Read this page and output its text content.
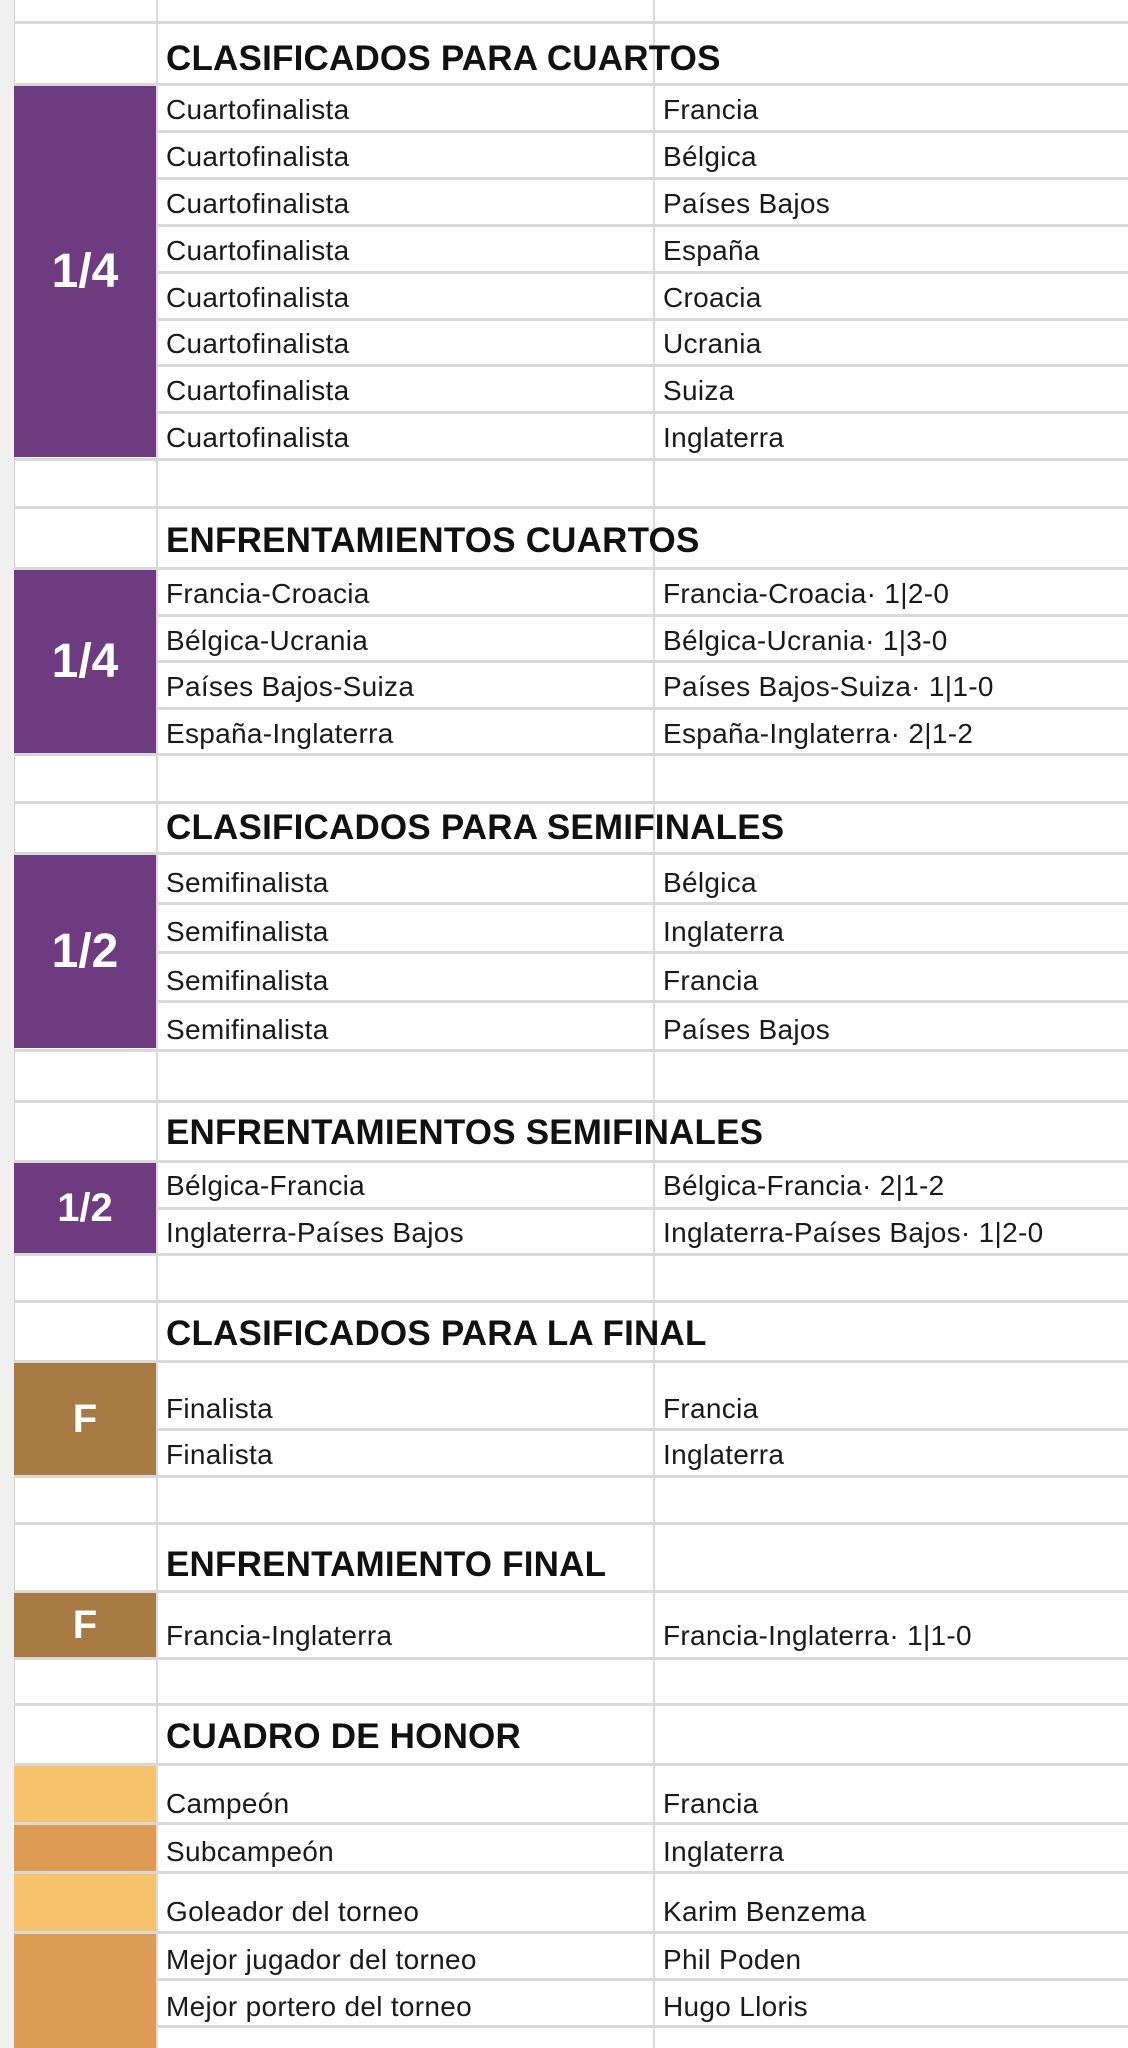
CLASIFICADOS PARA CUARTOS
1/4
Cuartofinalista	Francia
Cuartofinalista	Bélgica
Cuartofinalista	Países Bajos
Cuartofinalista	España
Cuartofinalista	Croacia
Cuartofinalista	Ucrania
Cuartofinalista	Suiza
Cuartofinalista	Inglaterra
ENFRENTAMIENTOS CUARTOS
1/4
Francia-Croacia	Francia-Croacia· 1|2-0
Bélgica-Ucrania	Bélgica-Ucrania· 1|3-0
Países Bajos-Suiza	Países Bajos-Suiza· 1|1-0
España-Inglaterra	España-Inglaterra· 2|1-2
CLASIFICADOS PARA SEMIFINALES
1/2
Semifinalista	Bélgica
Semifinalista	Inglaterra
Semifinalista	Francia
Semifinalista	Países Bajos
ENFRENTAMIENTOS SEMIFINALES
1/2	Bélgica-Francia	Bélgica-Francia· 2|1-2
Inglaterra-Países Bajos	Inglaterra-Países Bajos· 1|2-0
CLASIFICADOS PARA LA FINAL
F	Finalista	Francia
Finalista	Inglaterra
ENFRENTAMIENTO FINAL
F	Francia-Inglaterra	Francia-Inglaterra· 1|1-0
CUADRO DE HONOR
Campeón	Francia
Subcampeón	Inglaterra
Goleador del torneo	Karim Benzema
Mejor jugador del torneo	Phil Poden
Mejor portero del torneo	Hugo Lloris
